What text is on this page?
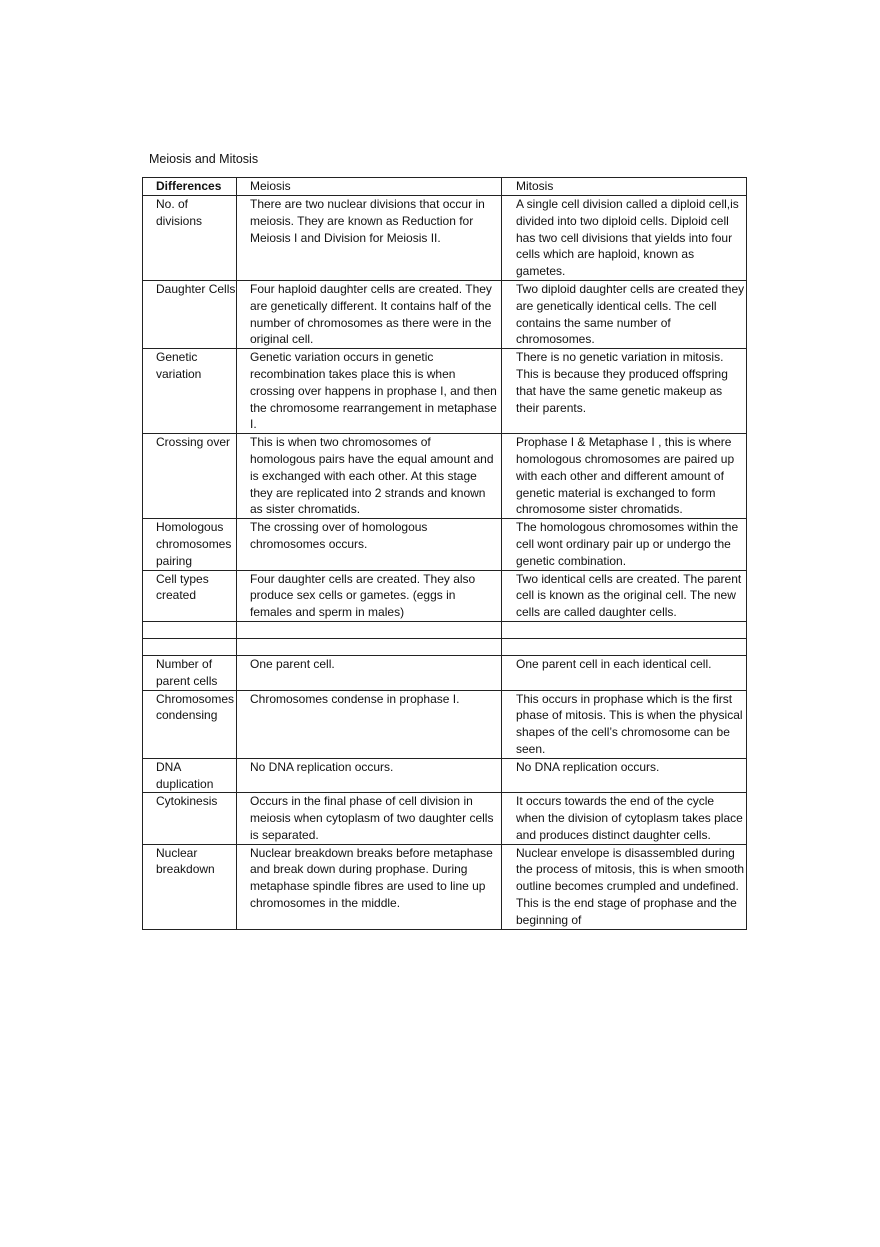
Meiosis and Mitosis
Differences	Meiosis	Mitosis
No. of divisions	There are two nuclear divisions that occur in meiosis. They are known as Reduction for Meiosis I and Division for Meiosis II.	A single cell division called a diploid cell,is divided into two diploid cells. Diploid cell has two cell divisions that yields into four cells which are haploid, known as gametes.
Daughter Cells	Four haploid daughter cells are created. They are genetically different. It contains half of the number of chromosomes as there were in the original cell.	Two diploid daughter cells are created they are genetically identical cells. The cell contains the same number of chromosomes.
Genetic variation	Genetic variation occurs in genetic recombination takes place this is when crossing over happens in prophase I, and then the chromosome rearrangement in metaphase I.	There is no genetic variation in mitosis. This is because they produced offspring that have the same genetic makeup as their parents.
Crossing over	This is when two chromosomes of homologous pairs have the equal amount and is exchanged with each other. At this stage they are replicated into 2 strands and known as sister chromatids.	Prophase I & Metaphase I , this is where homologous chromosomes are paired up with each other and different amount of genetic material is exchanged to form chromosome sister chromatids.
Homologous chromosomes pairing	The crossing over of homologous chromosomes occurs.	The homologous chromosomes within the cell wont ordinary pair up or undergo the genetic combination.
Cell types created	Four daughter cells are created. They also produce sex cells or gametes. (eggs in females and sperm in males)	Two identical cells are created. The parent cell is known as the original cell. The new cells are called daughter cells.

Number of parent cells	One parent cell.	One parent cell in each identical cell.
Chromosomes condensing	Chromosomes condense in prophase I.	This occurs in prophase which is the first phase of mitosis. This is when the physical shapes of the cell’s chromosome can be seen.
DNA duplication	No DNA replication occurs.	No DNA replication occurs.
Cytokinesis	Occurs in the final phase of cell division in meiosis when cytoplasm of two daughter cells is separated.	It occurs towards the end of the cycle when the division of cytoplasm takes place and produces distinct daughter cells.
Nuclear breakdown	Nuclear breakdown breaks before metaphase and break down during prophase. During metaphase spindle fibres are used to line up chromosomes in the middle.	Nuclear envelope is disassembled during the process of mitosis, this is when smooth outline becomes crumpled and undefined. This is the end stage of prophase and the beginning of
